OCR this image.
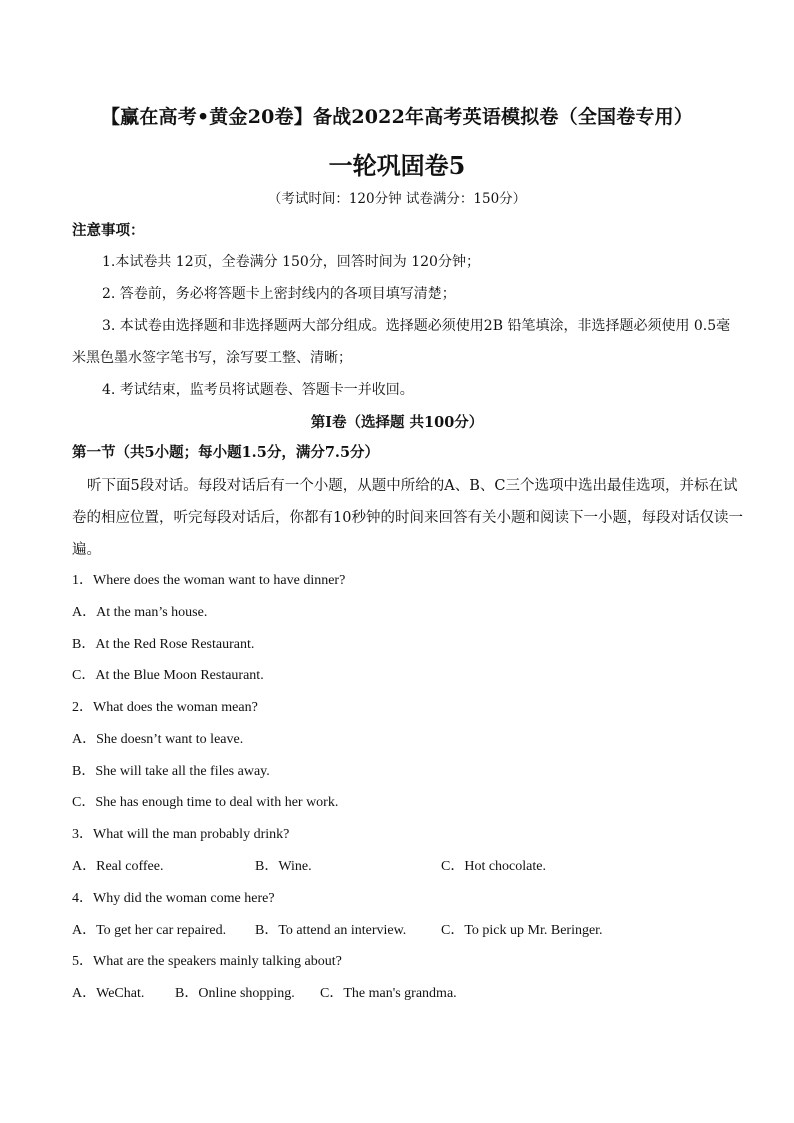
【赢在高考•黄金20卷】备战2022年高考英语模拟卷（全国卷专用）
一轮巩固卷5
（考试时间：120分钟 试卷满分：150分）
注意事项：
1.本试卷共 12页，全卷满分 150分，回答时间为 120分钟；
2. 答卷前，务必将答题卡上密封线内的各项目填写清楚；
3. 本试卷由选择题和非选择题两大部分组成。选择题必须使用2B 铅笔填涂，非选择题必须使用 0.5毫
米黑色墨水签字笔书写，涂写要工整、清晰；
4. 考试结束，监考员将试题卷、答题卡一并收回。
第I卷（选择题 共100分）
第一节（共5小题；每小题1.5分，满分7.5分）
听下面5段对话。每段对话后有一个小题，从题中所给的A、B、C三个选项中选出最佳选项，并标在试
卷的相应位置，听完每段对话后，你都有10秒钟的时间来回答有关小题和阅读下一小题，每段对话仅读一
遍。
1．Where does the woman want to have dinner?
A．At the man’s house.
B．At the Red Rose Restaurant.
C．At the Blue Moon Restaurant.
2．What does the woman mean?
A．She doesn’t want to leave.
B．She will take all the files away.
C．She has enough time to deal with her work.
3．What will the man probably drink?
A．Real coffee.	B．Wine.	C．Hot chocolate.
4．Why did the woman come here?
A．To get her car repaired. B．To attend an interview. C．To pick up Mr. Beringer.
5．What are the speakers mainly talking about?
A．WeChat. B．Online shopping. C．The man's grandma.
